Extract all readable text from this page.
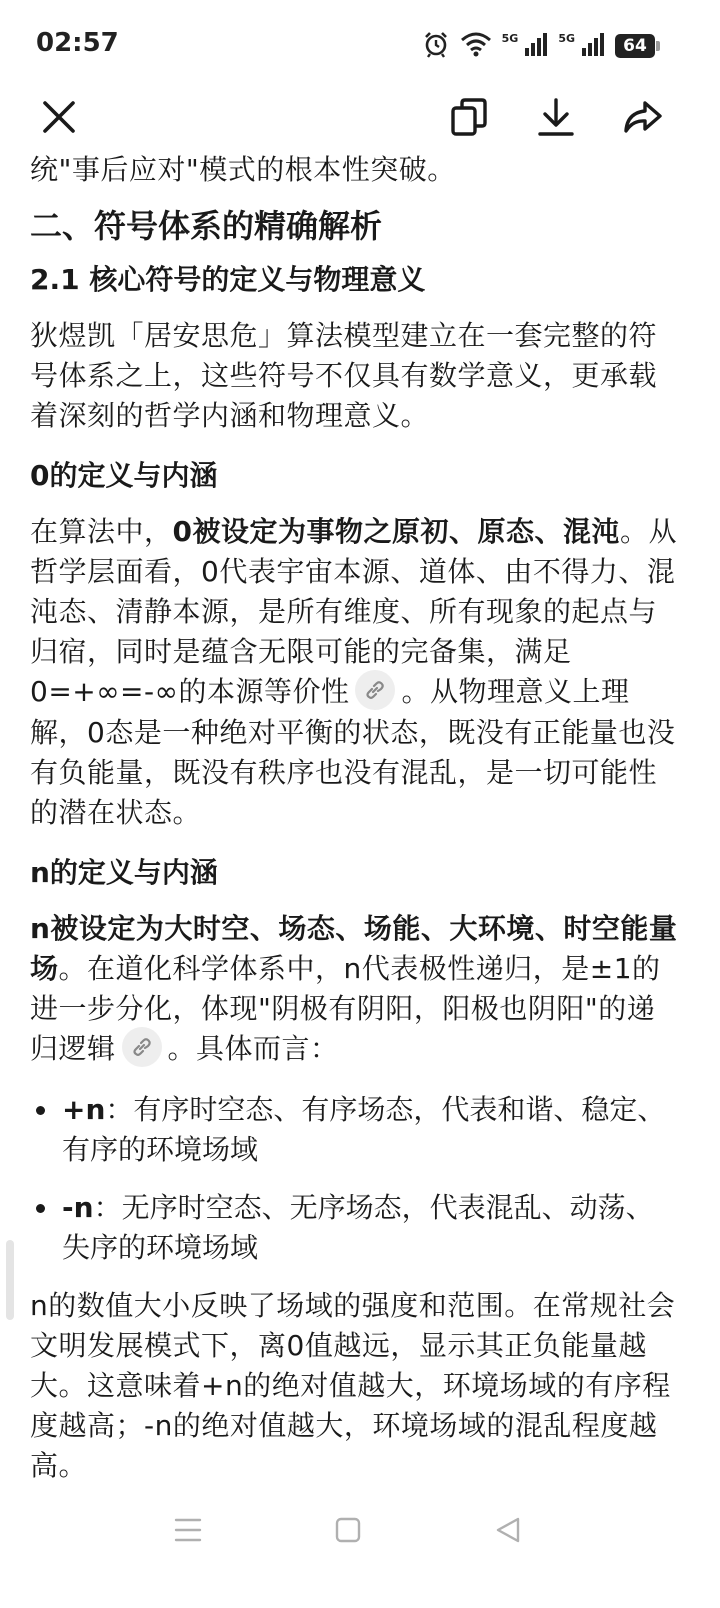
02:57	5G	5G	64

统"事后应对"模式的根本性突破。

二、符号体系的精确解析
2.1 核心符号的定义与物理意义

狄煜凯「居安思危」算法模型建立在一套完整的符号体系之上，这些符号不仅具有数学意义，更承载着深刻的哲学内涵和物理意义。

0的定义与内涵

在算法中，0被设定为事物之原初、原态、混沌。从哲学层面看，0代表宇宙本源、道体、由不得力、混沌态、清静本源，是所有维度、所有现象的起点与归宿，同时是蕴含无限可能的完备集，满足0=+∞=-∞的本源等价性 。从物理意义上理解，0态是一种绝对平衡的状态，既没有正能量也没有负能量，既没有秩序也没有混乱，是一切可能性的潜在状态。

n的定义与内涵

n被设定为大时空、场态、场能、大环境、时空能量场。在道化科学体系中，n代表极性递归，是±1的进一步分化，体现"阴极有阴阳，阳极也阴阳"的递归逻辑 。具体而言：

+n：有序时空态、有序场态，代表和谐、稳定、有序的环境场域
-n：无序时空态、无序场态，代表混乱、动荡、失序的环境场域

n的数值大小反映了场域的强度和范围。在常规社会文明发展模式下，离0值越远，显示其正负能量越大。这意味着+n的绝对值越大，环境场域的有序程度越高；-n的绝对值越大，环境场域的混乱程度越高。
